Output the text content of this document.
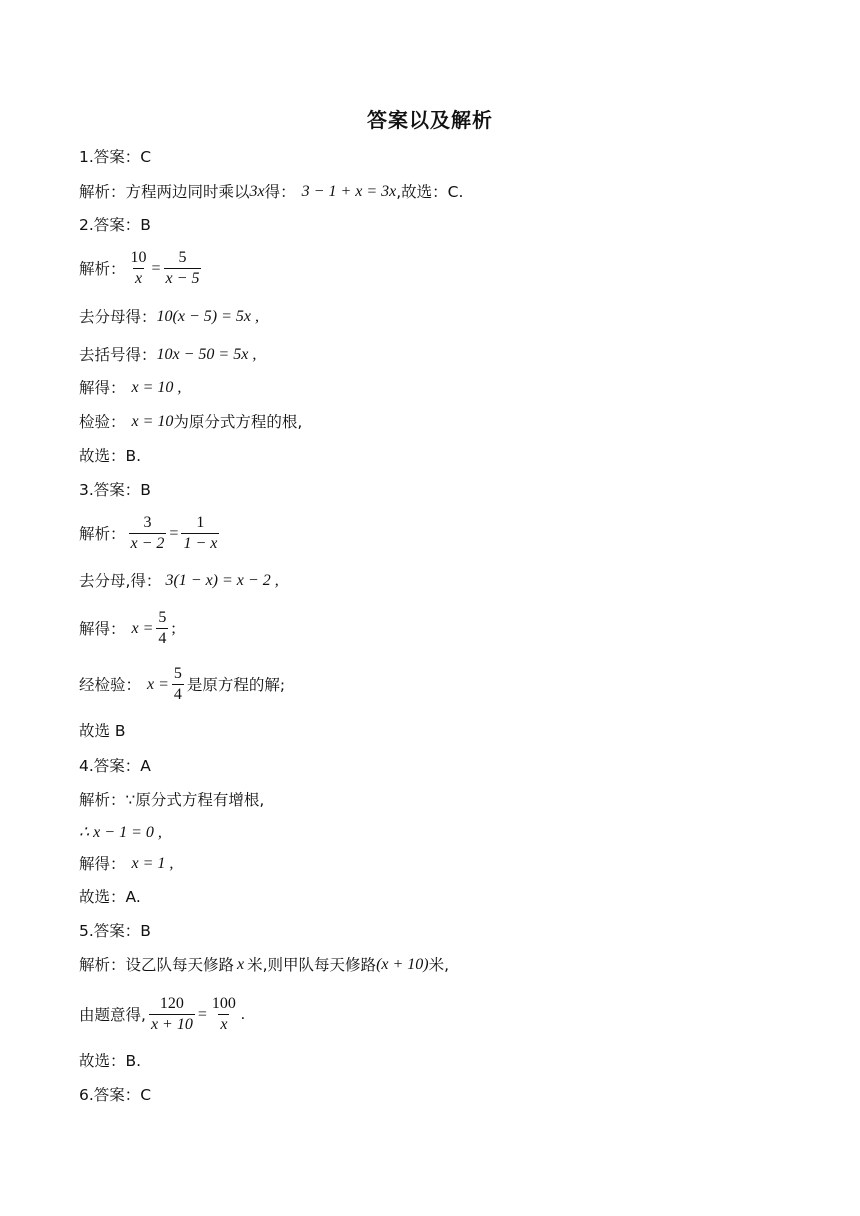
答案以及解析
1.答案：C
解析：方程两边同时乘以 3x 得： 3 − 1 + x = 3x ,故选：C.
2.答案：B
解析： $\frac{10}{x} = \frac{5}{x - 5}$
去分母得： 10(x − 5) = 5x ,
去括号得： 10x − 50 = 5x ,
解得： x = 10 ,
检验： x = 10 为原分式方程的根,
故选：B.
3.答案：B
解析： $\frac{3}{x - 2} = \frac{1}{1 - x}$
去分母,得： 3(1 − x) = x − 2 ,
解得： $x = \frac{5}{4}$ ;
经检验： $x = \frac{5}{4}$ 是原方程的解;
故选 B
4.答案：A
解析：∵原分式方程有增根,
∴ x − 1 = 0 ,
解得： x = 1 ,
故选：A.
5.答案：B
解析：设乙队每天修路 x 米,则甲队每天修路 (x + 10) 米,
由题意得, $\frac{120}{x + 10} = \frac{100}{x}$ .
故选：B.
6.答案：C
